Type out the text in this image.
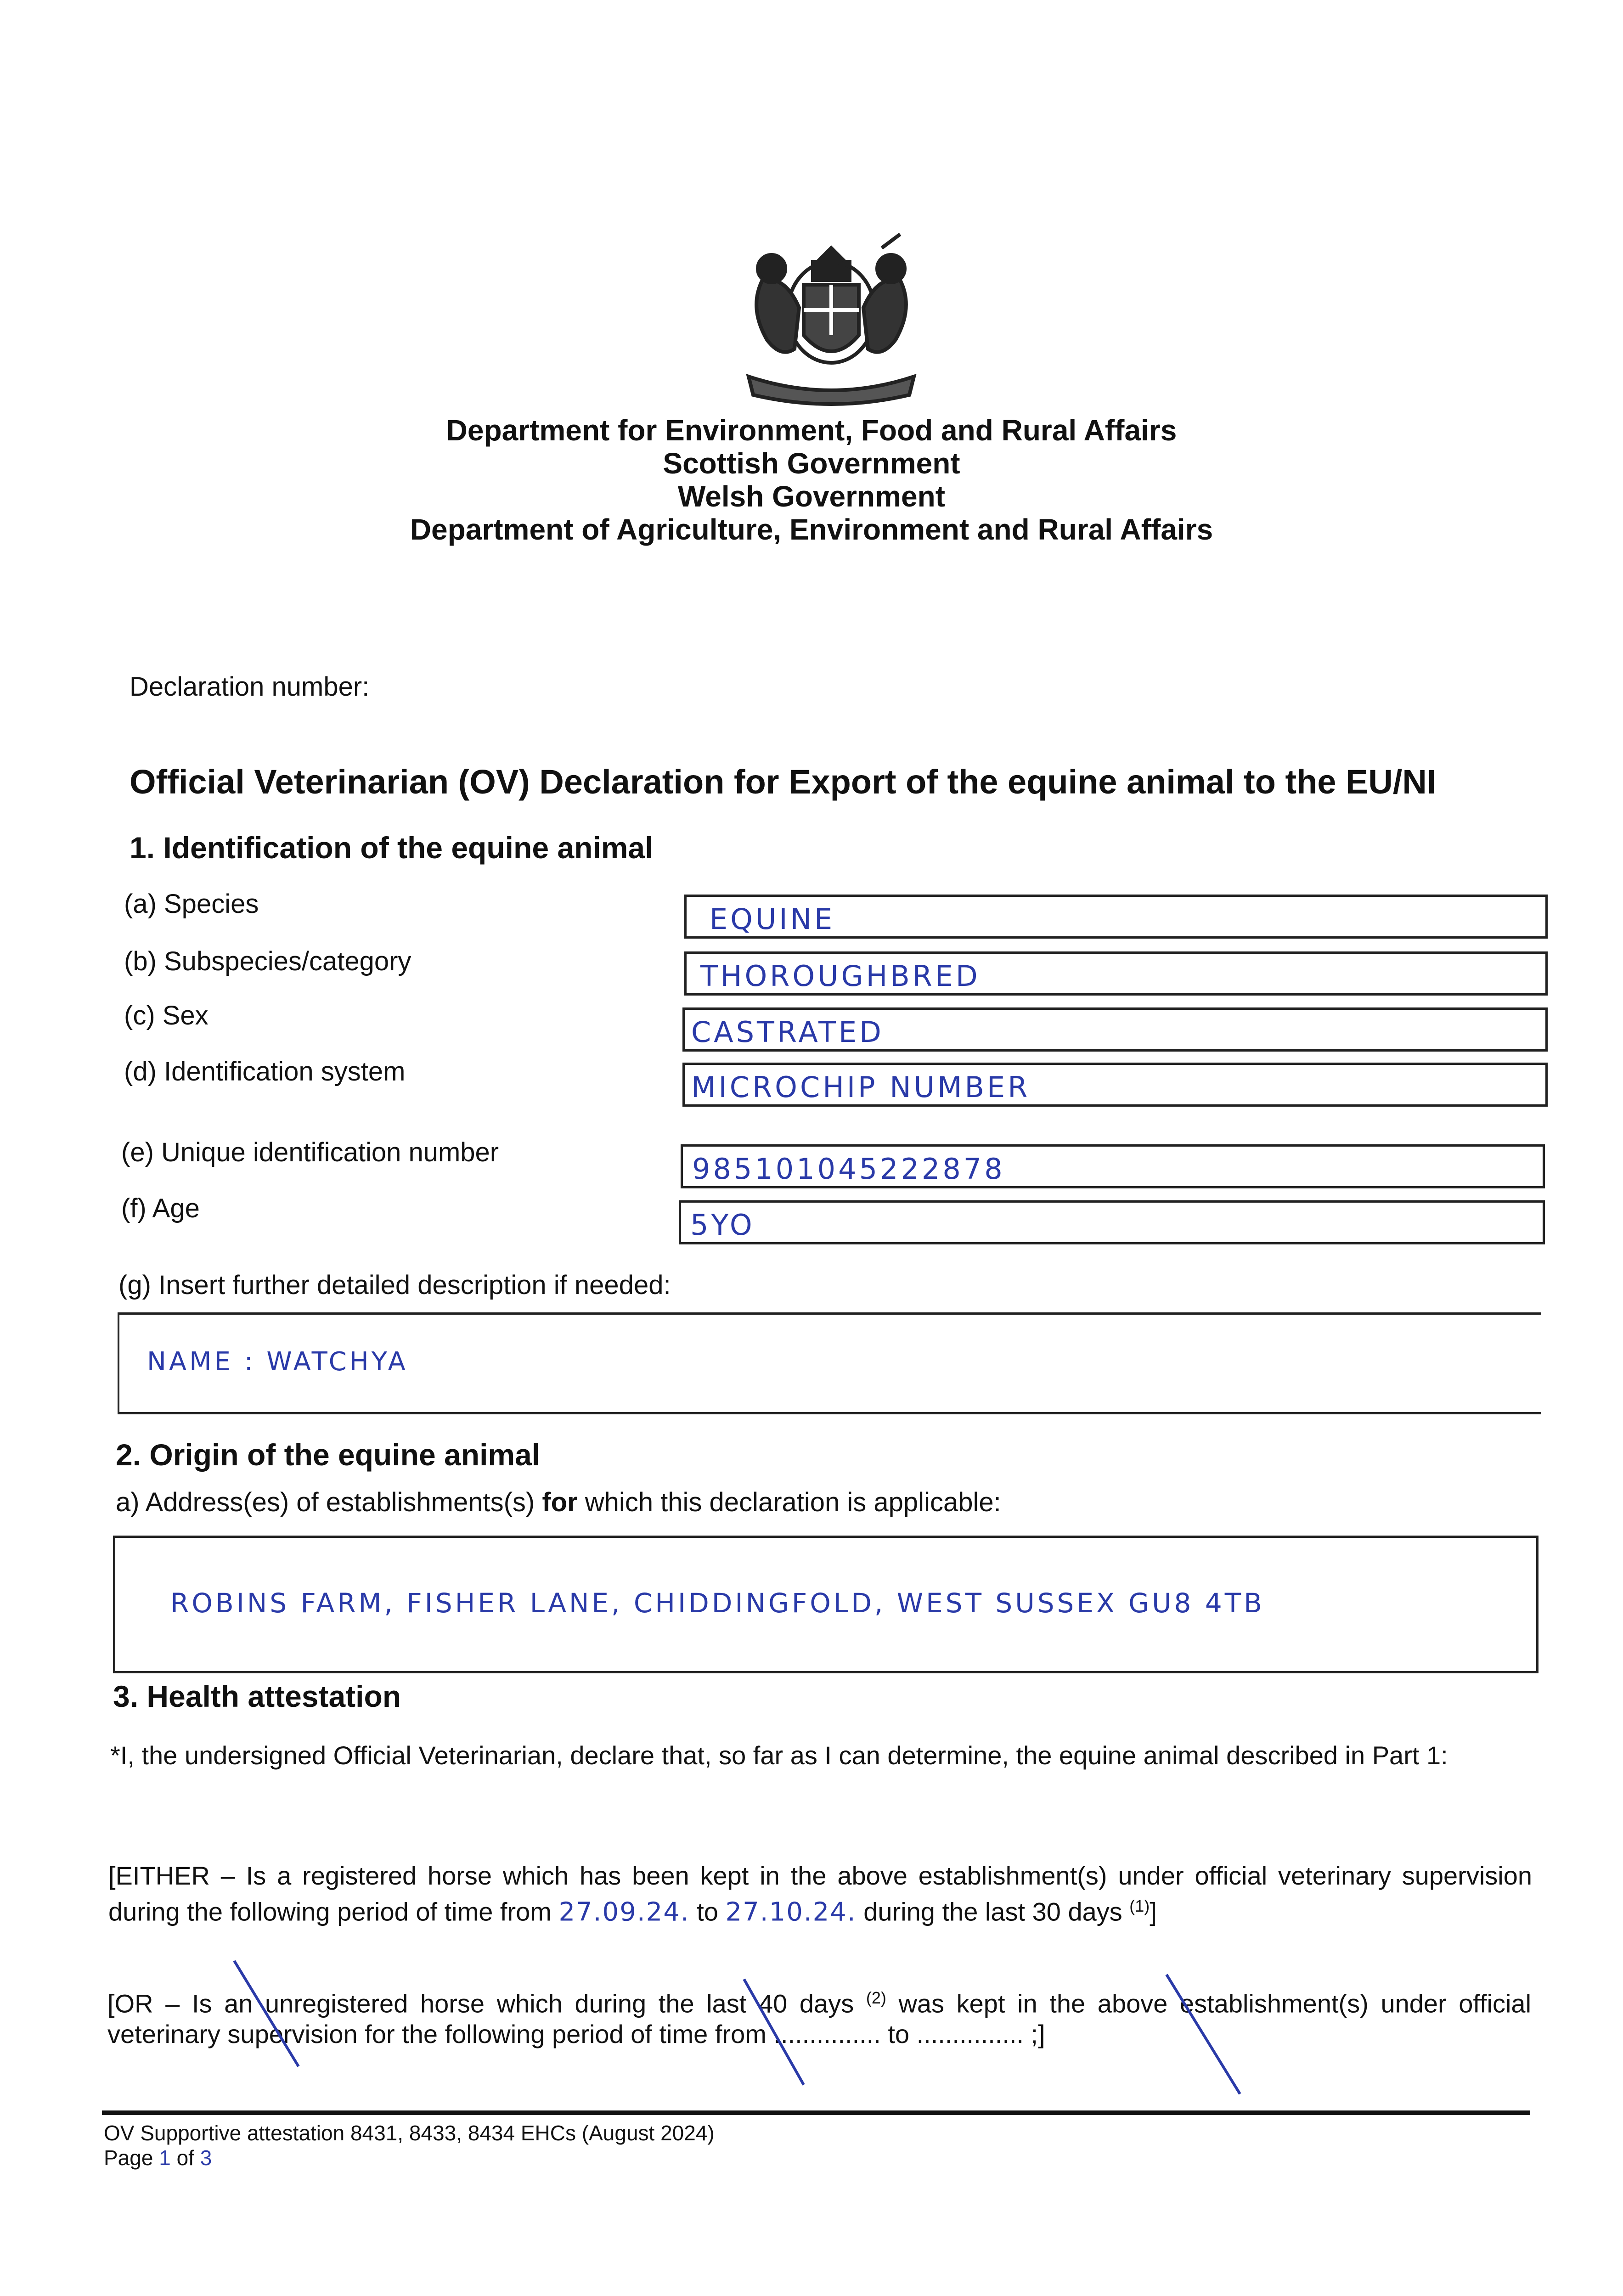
Department for Environment, Food and Rural Affairs
Scottish Government
Welsh Government
Department of Agriculture, Environment and Rural Affairs
Declaration number:
Official Veterinarian (OV) Declaration for Export of the equine animal to the EU/NI
1. Identification of the equine animal
(a) Species	EQUINE
(b) Subspecies/category	THOROUGHBRED
(c) Sex	CASTRATED
(d) Identification system	MICROCHIP NUMBER
(e) Unique identification number	985101045222878
(f) Age	5YO
(g) Insert further detailed description if needed:
NAME : WATCHYA
2. Origin of the equine animal
a) Address(es) of establishments(s) for which this declaration is applicable:
ROBINS FARM, FISHER LANE, CHIDDINGFOLD, WEST SUSSEX GU8 4TB
3. Health attestation
*I, the undersigned Official Veterinarian, declare that, so far as I can determine, the equine animal described in Part 1:
[EITHER – Is a registered horse which has been kept in the above establishment(s) under official veterinary supervision during the following period of time from 27.09.24. to 27.10.24. during the last 30 days $^{(1)}$]
[OR – Is an unregistered horse which during the last 40 days $^{(2)}$ was kept in the above establishment(s) under official veterinary supervision for the following period of time from ............... to ............... ;]
OV Supportive attestation 8431, 8433, 8434 EHCs (August 2024)
Page 1 of 3
